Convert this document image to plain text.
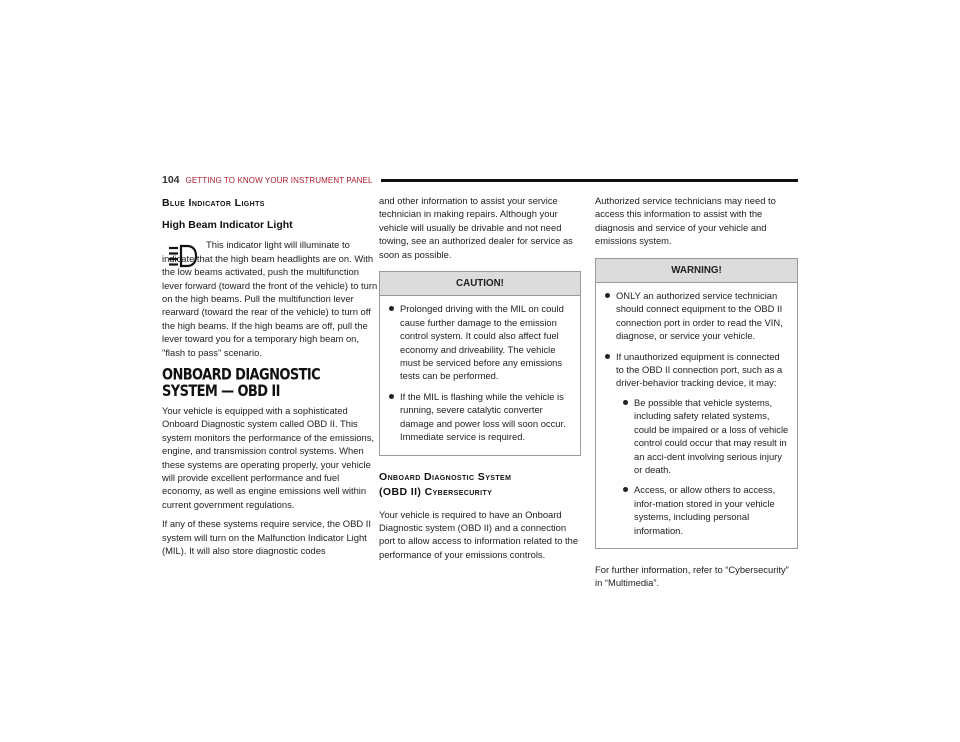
104 GETTING TO KNOW YOUR INSTRUMENT PANEL
Blue Indicator Lights
High Beam Indicator Light

This indicator light will illuminate to indicate that the high beam headlights are on. With the low beams activated, push the multifunction lever forward (toward the front of the vehicle) to turn on the high beams. Pull the multifunction lever rearward (toward the rear of the vehicle) to turn off the high beams. If the high beams are off, pull the lever toward you for a temporary high beam on, "flash to pass" scenario.

ONBOARD DIAGNOSTIC SYSTEM — OBD II

Your vehicle is equipped with a sophisticated Onboard Diagnostic system called OBD II. This system monitors the performance of the emissions, engine, and transmission control systems. When these systems are operating properly, your vehicle will provide excellent performance and fuel economy, as well as engine emissions well within current government regulations.

If any of these systems require service, the OBD II system will turn on the Malfunction Indicator Light (MIL). It will also store diagnostic codes

and other information to assist your service technician in making repairs. Although your vehicle will usually be drivable and not need towing, see an authorized dealer for service as soon as possible.

CAUTION!
Prolonged driving with the MIL on could cause further damage to the emission control system. It could also affect fuel economy and driveability. The vehicle must be serviced before any emissions tests can be performed.
If the MIL is flashing while the vehicle is running, severe catalytic converter damage and power loss will soon occur. Immediate service is required.
Onboard Diagnostic System
(OBD II) Cybersecurity

Your vehicle is required to have an Onboard Diagnostic system (OBD II) and a connection port to allow access to information related to the performance of your emissions controls.

Authorized service technicians may need to access this information to assist with the diagnosis and service of your vehicle and emissions system.

WARNING!
ONLY an authorized service technician should connect equipment to the OBD II connection port in order to read the VIN, diagnose, or service your vehicle.
If unauthorized equipment is connected to the OBD II connection port, such as a driver-behavior tracking device, it may:
Be possible that vehicle systems, including safety related systems, could be impaired or a loss of vehicle control could occur that may result in an acci-dent involving serious injury or death.
Access, or allow others to access, infor-mation stored in your vehicle systems, including personal information.

For further information, refer to “Cybersecurity” in “Multimedia”.
